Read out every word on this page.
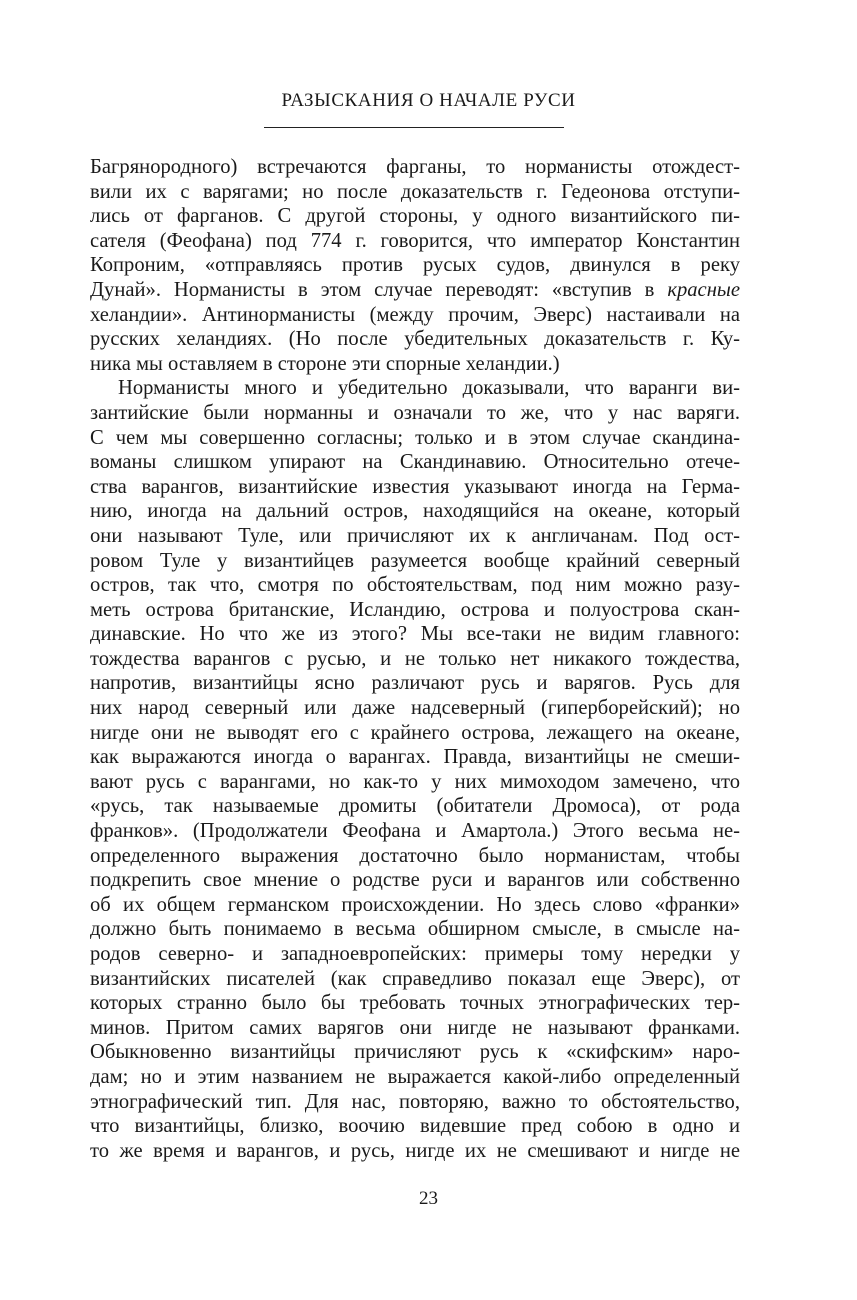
РАЗЫСКАНИЯ О НАЧАЛЕ РУСИ
Багрянородного) встречаются фарганы, то норманисты отождест-
вили их с варягами; но после доказательств г. Гедеонова отступи-
лись от фарганов. С другой стороны, у одного византийского пи-
сателя (Феофана) под 774 г. говорится, что император Константин
Копроним, «отправляясь против русых судов, двинулся в реку
Дунай». Норманисты в этом случае переводят: «вступив в красные
хеландии». Антинорманисты (между прочим, Эверс) настаивали на
русских хеландиях. (Но после убедительных доказательств г. Ку-
ника мы оставляем в стороне эти спорные хеландии.)
Норманисты много и убедительно доказывали, что варанги ви-
зантийские были норманны и означали то же, что у нас варяги.
С чем мы совершенно согласны; только и в этом случае скандина-
воманы слишком упирают на Скандинавию. Относительно отече-
ства варангов, византийские известия указывают иногда на Герма-
нию, иногда на дальний остров, находящийся на океане, который
они называют Туле, или причисляют их к англичанам. Под ост-
ровом Туле у византийцев разумеется вообще крайний северный
остров, так что, смотря по обстоятельствам, под ним можно разу-
меть острова британские, Исландию, острова и полуострова скан-
динавские. Но что же из этого? Мы все-таки не видим главного:
тождества варангов с русью, и не только нет никакого тождества,
напротив, византийцы ясно различают русь и варягов. Русь для
них народ северный или даже надсеверный (гиперборейский); но
нигде они не выводят его с крайнего острова, лежащего на океане,
как выражаются иногда о варангах. Правда, византийцы не смеши-
вают русь с варангами, но как-то у них мимоходом замечено, что
«русь, так называемые дромиты (обитатели Дромоса), от рода
франков». (Продолжатели Феофана и Амартола.) Этого весьма не-
определенного выражения достаточно было норманистам, чтобы
подкрепить свое мнение о родстве руси и варангов или собственно
об их общем германском происхождении. Но здесь слово «франки»
должно быть понимаемо в весьма обширном смысле, в смысле на-
родов северно- и западноевропейских: примеры тому нередки у
византийских писателей (как справедливо показал еще Эверс), от
которых странно было бы требовать точных этнографических тер-
минов. Притом самих варягов они нигде не называют франками.
Обыкновенно византийцы причисляют русь к «скифским» наро-
дам; но и этим названием не выражается какой-либо определенный
этнографический тип. Для нас, повторяю, важно то обстоятельство,
что византийцы, близко, воочию видевшие пред собою в одно и
то же время и варангов, и русь, нигде их не смешивают и нигде не
23
